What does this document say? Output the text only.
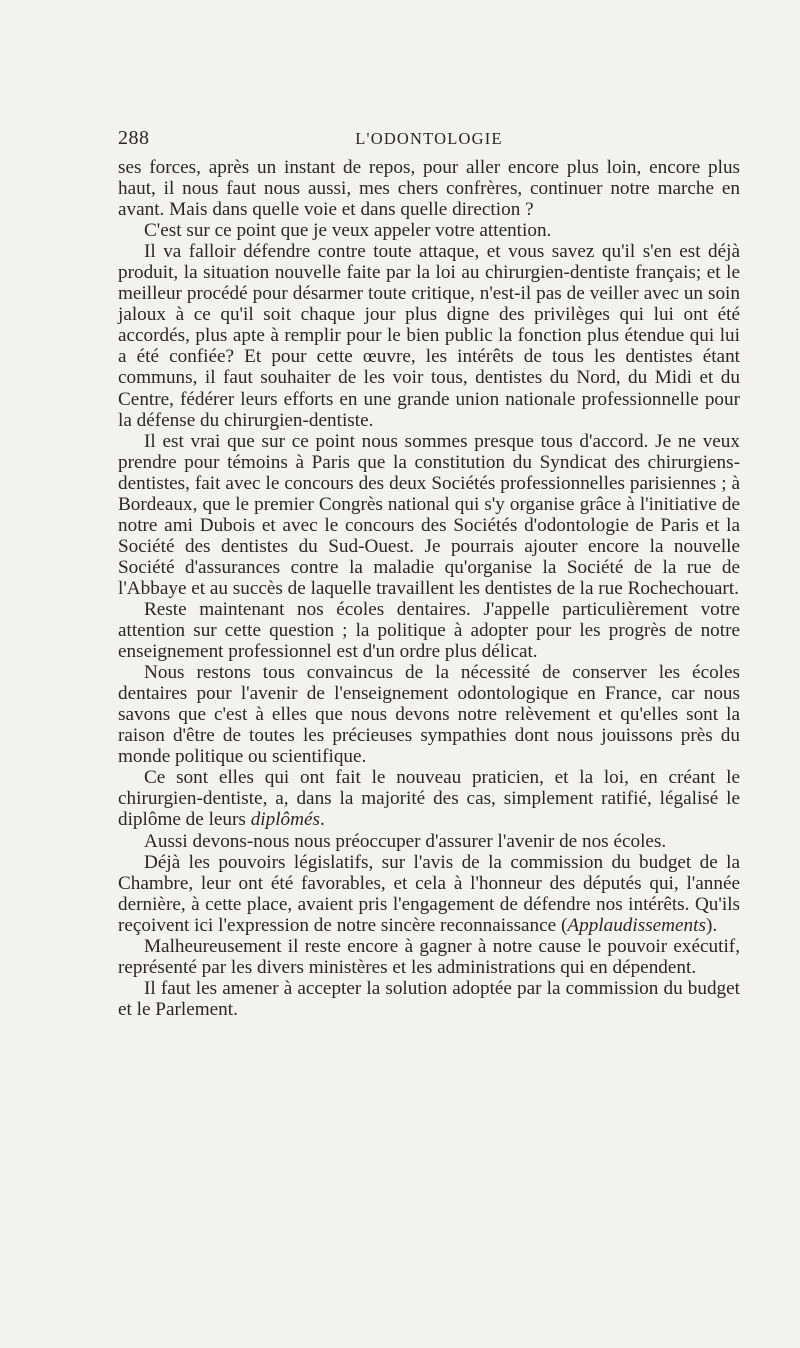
288	L'ODONTOLOGIE

ses forces, après un instant de repos, pour aller encore plus loin, encore plus haut, il nous faut nous aussi, mes chers confrères, continuer notre marche en avant. Mais dans quelle voie et dans quelle direction ?

C'est sur ce point que je veux appeler votre attention.

Il va falloir défendre contre toute attaque, et vous savez qu'il s'en est déjà produit, la situation nouvelle faite par la loi au chirurgien-dentiste français; et le meilleur procédé pour désarmer toute critique, n'est-il pas de veiller avec un soin jaloux à ce qu'il soit chaque jour plus digne des privilèges qui lui ont été accordés, plus apte à remplir pour le bien public la fonction plus étendue qui lui a été confiée? Et pour cette œuvre, les intérêts de tous les dentistes étant communs, il faut souhaiter de les voir tous, dentistes du Nord, du Midi et du Centre, fédérer leurs efforts en une grande union nationale professionnelle pour la défense du chirurgien-dentiste.

Il est vrai que sur ce point nous sommes presque tous d'accord. Je ne veux prendre pour témoins à Paris que la constitution du Syndicat des chirurgiens-dentistes, fait avec le concours des deux Sociétés professionnelles parisiennes ; à Bordeaux, que le premier Congrès national qui s'y organise grâce à l'initiative de notre ami Dubois et avec le concours des Sociétés d'odontologie de Paris et la Société des dentistes du Sud-Ouest. Je pourrais ajouter encore la nouvelle Société d'assurances contre la maladie qu'organise la Société de la rue de l'Abbaye et au succès de laquelle travaillent les dentistes de la rue Rochechouart.

Reste maintenant nos écoles dentaires. J'appelle particulièrement votre attention sur cette question ; la politique à adopter pour les progrès de notre enseignement professionnel est d'un ordre plus délicat.

Nous restons tous convaincus de la nécessité de conserver les écoles dentaires pour l'avenir de l'enseignement odontologique en France, car nous savons que c'est à elles que nous devons notre relèvement et qu'elles sont la raison d'être de toutes les précieuses sympathies dont nous jouissons près du monde politique ou scientifique.

Ce sont elles qui ont fait le nouveau praticien, et la loi, en créant le chirurgien-dentiste, a, dans la majorité des cas, simplement ratifié, légalisé le diplôme de leurs diplômés.

Aussi devons-nous nous préoccuper d'assurer l'avenir de nos écoles.

Déjà les pouvoirs législatifs, sur l'avis de la commission du budget de la Chambre, leur ont été favorables, et cela à l'honneur des députés qui, l'année dernière, à cette place, avaient pris l'engagement de défendre nos intérêts. Qu'ils reçoivent ici l'expression de notre sincère reconnaissance (Applaudissements).

Malheureusement il reste encore à gagner à notre cause le pouvoir exécutif, représenté par les divers ministères et les administrations qui en dépendent.

Il faut les amener à accepter la solution adoptée par la commission du budget et le Parlement.
